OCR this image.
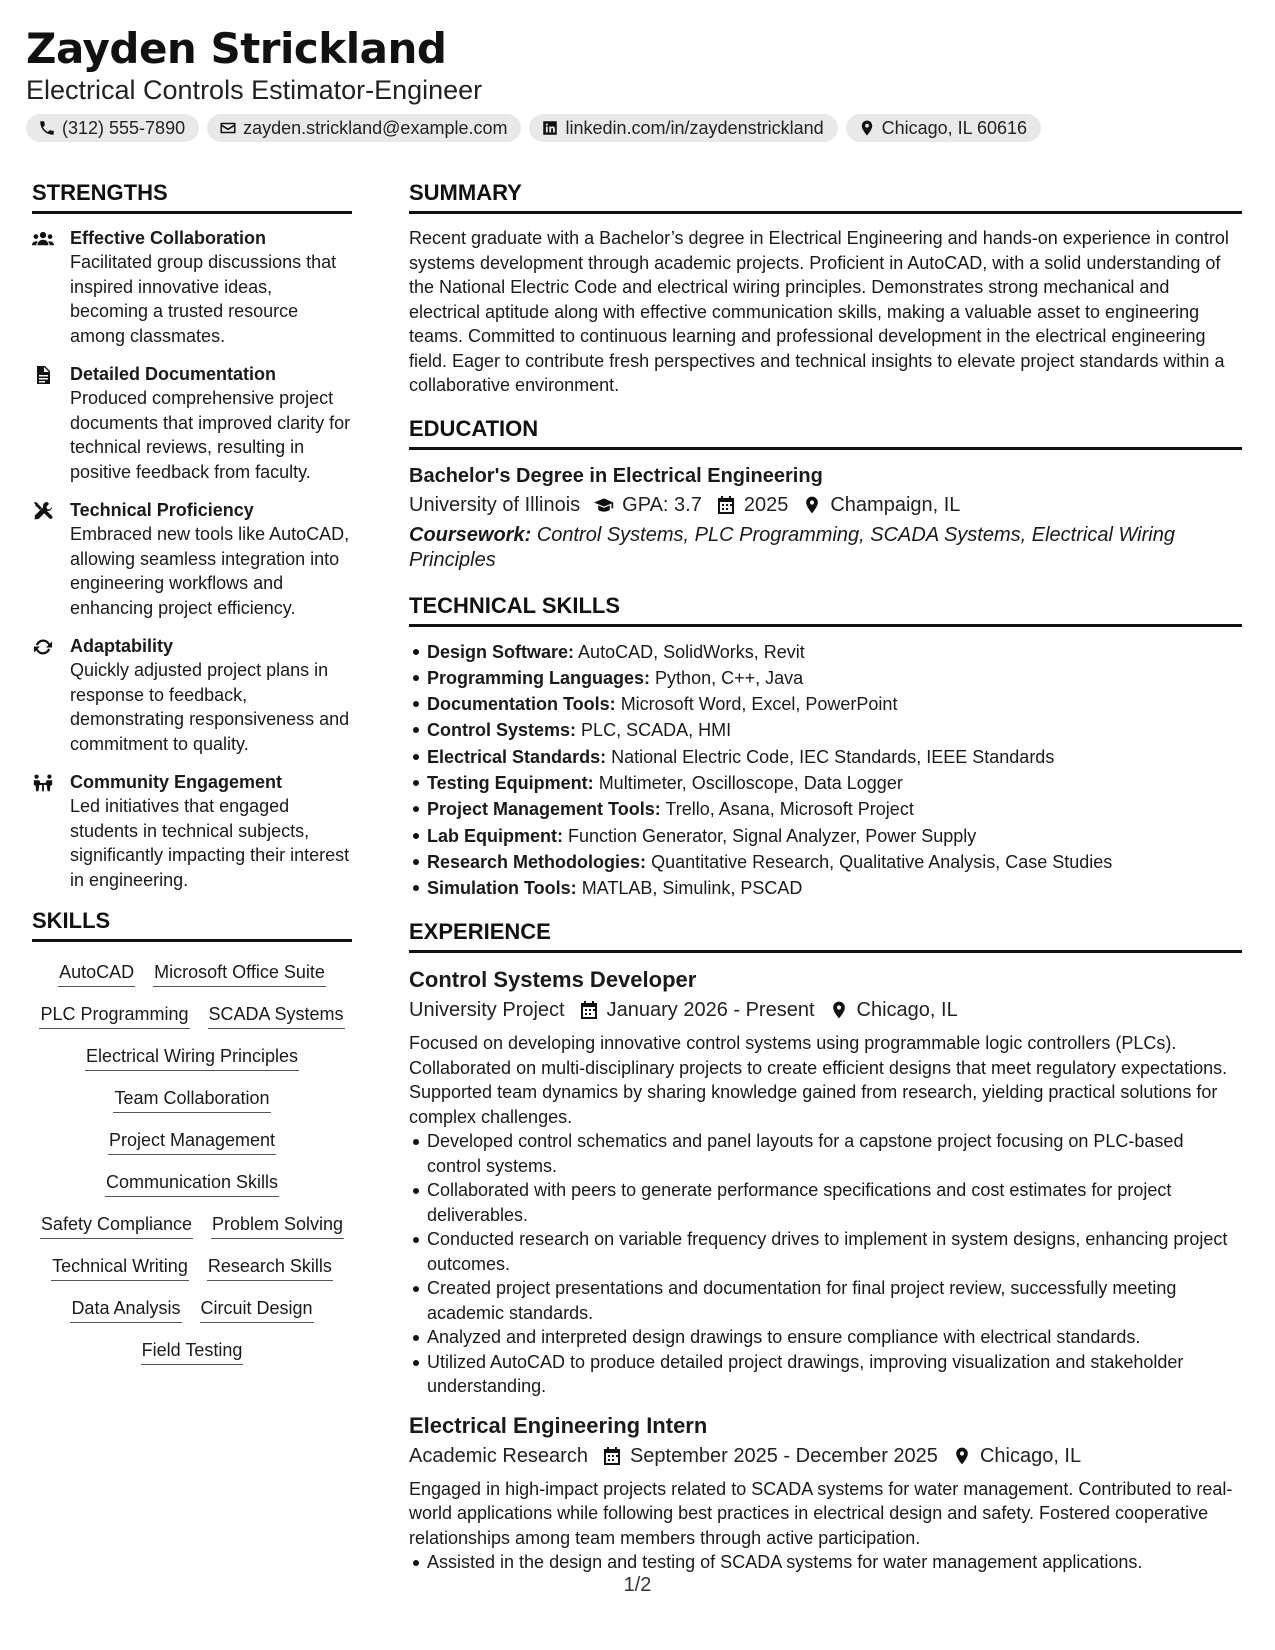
Zayden Strickland
Electrical Controls Estimator-Engineer
(312) 555-7890	zayden.strickland@example.com	linkedin.com/in/zaydenstrickland	Chicago, IL 60616
STRENGTHS
Effective Collaboration
Facilitated group discussions that inspired innovative ideas, becoming a trusted resource among classmates.
Detailed Documentation
Produced comprehensive project documents that improved clarity for technical reviews, resulting in positive feedback from faculty.
Technical Proficiency
Embraced new tools like AutoCAD, allowing seamless integration into engineering workflows and enhancing project efficiency.
Adaptability
Quickly adjusted project plans in response to feedback, demonstrating responsiveness and commitment to quality.
Community Engagement
Led initiatives that engaged students in technical subjects, significantly impacting their interest in engineering.
SKILLS
AutoCAD Microsoft Office Suite
PLC Programming SCADA Systems
Electrical Wiring Principles
Team Collaboration
Project Management
Communication Skills
Safety Compliance Problem Solving
Technical Writing Research Skills
Data Analysis Circuit Design
Field Testing
SUMMARY
Recent graduate with a Bachelor’s degree in Electrical Engineering and hands-on experience in control systems development through academic projects. Proficient in AutoCAD, with a solid understanding of the National Electric Code and electrical wiring principles. Demonstrates strong mechanical and electrical aptitude along with effective communication skills, making a valuable asset to engineering teams. Committed to continuous learning and professional development in the electrical engineering field. Eager to contribute fresh perspectives and technical insights to elevate project standards within a collaborative environment.
EDUCATION
Bachelor's Degree in Electrical Engineering
University of Illinois GPA: 3.7 2025 Champaign, IL
Coursework: Control Systems, PLC Programming, SCADA Systems, Electrical Wiring Principles
TECHNICAL SKILLS
Design Software: AutoCAD, SolidWorks, Revit
Programming Languages: Python, C++, Java
Documentation Tools: Microsoft Word, Excel, PowerPoint
Control Systems: PLC, SCADA, HMI
Electrical Standards: National Electric Code, IEC Standards, IEEE Standards
Testing Equipment: Multimeter, Oscilloscope, Data Logger
Project Management Tools: Trello, Asana, Microsoft Project
Lab Equipment: Function Generator, Signal Analyzer, Power Supply
Research Methodologies: Quantitative Research, Qualitative Analysis, Case Studies
Simulation Tools: MATLAB, Simulink, PSCAD
EXPERIENCE
Control Systems Developer
University Project January 2026 - Present Chicago, IL
Focused on developing innovative control systems using programmable logic controllers (PLCs). Collaborated on multi-disciplinary projects to create efficient designs that meet regulatory expectations. Supported team dynamics by sharing knowledge gained from research, yielding practical solutions for complex challenges.
Developed control schematics and panel layouts for a capstone project focusing on PLC-based control systems.
Collaborated with peers to generate performance specifications and cost estimates for project deliverables.
Conducted research on variable frequency drives to implement in system designs, enhancing project outcomes.
Created project presentations and documentation for final project review, successfully meeting academic standards.
Analyzed and interpreted design drawings to ensure compliance with electrical standards.
Utilized AutoCAD to produce detailed project drawings, improving visualization and stakeholder understanding.
Electrical Engineering Intern
Academic Research September 2025 - December 2025 Chicago, IL
Engaged in high-impact projects related to SCADA systems for water management. Contributed to real-world applications while following best practices in electrical design and safety. Fostered cooperative relationships among team members through active participation.
Assisted in the design and testing of SCADA systems for water management applications.
1/2
